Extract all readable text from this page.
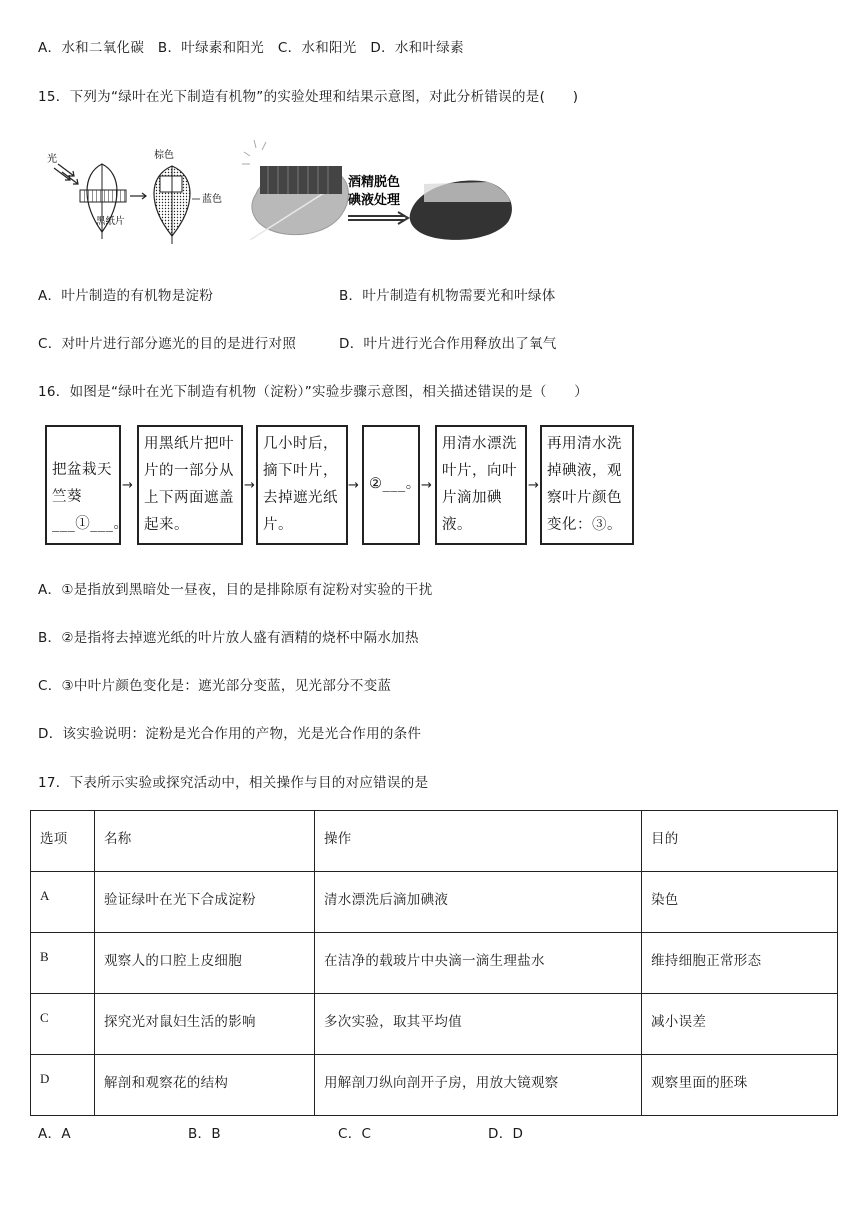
A．水和二氧化碳 B．叶绿素和阳光 C．水和阳光 D．水和叶绿素
15．下列为“绿叶在光下制造有机物”的实验处理和结果示意图，对此分析错误的是(　　)
光	棕色
蓝色
黑纸片
酒精脱色
碘液处理
A．叶片制造的有机物是淀粉	B．叶片制造有机物需要光和叶绿体
C．对叶片进行部分遮光的目的是进行对照	D．叶片进行光合作用释放出了氧气
16．如图是“绿叶在光下制造有机物（淀粉）”实验步骤示意图，相关描述错误的是（　　）
把盆栽天竺葵___①___。
→
用黑纸片把叶片的一部分从上下两面遮盖起来。
→
几小时后，摘下叶片，去掉遮光纸片。
→ ②___。 →
用清水漂洗叶片，向叶片滴加碘液。
→
再用清水洗掉碘液，观察叶片颜色变化：③。
A．①是指放到黑暗处一昼夜，目的是排除原有淀粉对实验的干扰
B．②是指将去掉遮光纸的叶片放人盛有酒精的烧杯中隔水加热
C．③中叶片颜色变化是：遮光部分变蓝，见光部分不变蓝
D．该实验说明：淀粉是光合作用的产物，光是光合作用的条件
17．下表所示实验或探究活动中，相关操作与目的对应错误的是
选项	名称	操作	目的
A	验证绿叶在光下合成淀粉	清水漂洗后滴加碘液	染色
B	观察人的口腔上皮细胞	在洁净的载玻片中央滴一滴生理盐水	维持细胞正常形态
C	探究光对鼠妇生活的影响	多次实验，取其平均值	减小误差
D	解剖和观察花的结构	用解剖刀纵向剖开子房，用放大镜观察	观察里面的胚珠
A．A	B．B	C．C	D．D
